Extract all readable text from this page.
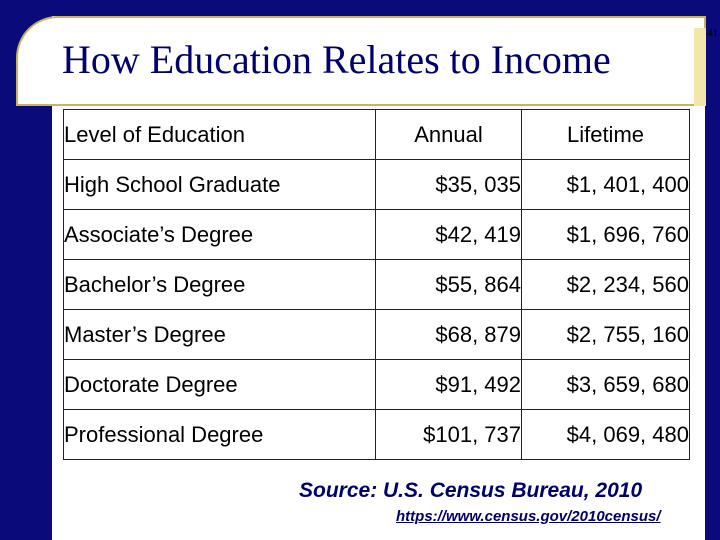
How Education Relates to Income
41
Level of Education	Annual	Lifetime
High School Graduate	$35, 035	$1, 401, 400
Associate’s Degree	$42, 419	$1, 696, 760
Bachelor’s Degree	$55, 864	$2, 234, 560
Master’s Degree	$68, 879	$2, 755, 160
Doctorate Degree	$91, 492	$3, 659, 680
Professional Degree	$101, 737	$4, 069, 480
Source: U.S. Census Bureau, 2010
https://www.census.gov/2010census/
